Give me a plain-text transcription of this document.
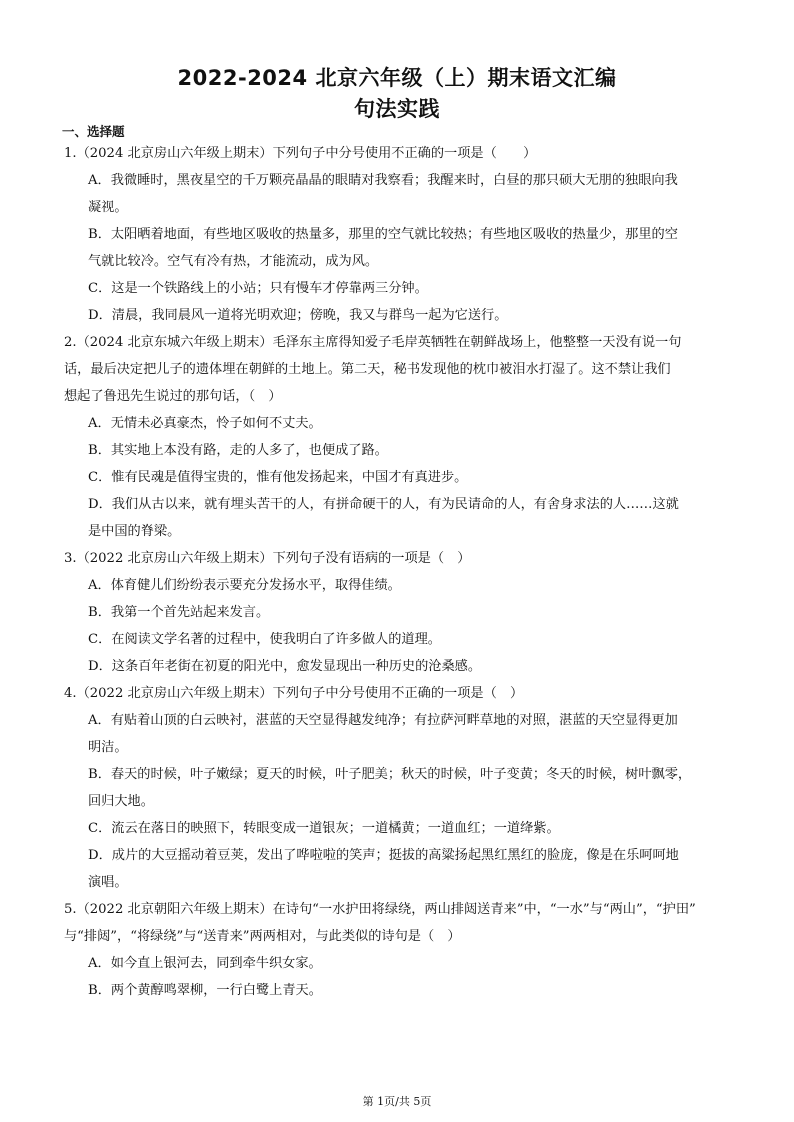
2022-2024 北京六年级（上）期末语文汇编
句法实践
一、选择题
1.（2024 北京房山六年级上期末）下列句子中分号使用不正确的一项是（　　）
A．我微睡时，黑夜星空的千万颗亮晶晶的眼睛对我察看；我醒来时，白昼的那只硕大无朋的独眼向我
凝视。
B．太阳晒着地面，有些地区吸收的热量多，那里的空气就比较热；有些地区吸收的热量少，那里的空
气就比较冷。空气有冷有热，才能流动，成为风。
C．这是一个铁路线上的小站；只有慢车才停靠两三分钟。
D．清晨，我同晨风一道将光明欢迎；傍晚，我又与群鸟一起为它送行。
2.（2024 北京东城六年级上期末）毛泽东主席得知爱子毛岸英牺牲在朝鲜战场上，他整整一天没有说一句
话，最后决定把儿子的遗体埋在朝鲜的土地上。第二天，秘书发现他的枕巾被泪水打湿了。这不禁让我们
想起了鲁迅先生说过的那句话，（　）
A．无情未必真豪杰，怜子如何不丈夫。
B．其实地上本没有路，走的人多了，也便成了路。
C．惟有民魂是值得宝贵的，惟有他发扬起来，中国才有真进步。
D．我们从古以来，就有埋头苦干的人，有拼命硬干的人，有为民请命的人，有舍身求法的人……这就
是中国的脊梁。
3.（2022 北京房山六年级上期末）下列句子没有语病的一项是（　）
A．体育健儿们纷纷表示要充分发扬水平，取得佳绩。
B．我第一个首先站起来发言。
C．在阅读文学名著的过程中，使我明白了许多做人的道理。
D．这条百年老街在初夏的阳光中，愈发显现出一种历史的沧桑感。
4.（2022 北京房山六年级上期末）下列句子中分号使用不正确的一项是（　）
A．有贴着山顶的白云映衬，湛蓝的天空显得越发纯净；有拉萨河畔草地的对照，湛蓝的天空显得更加
明洁。
B．春天的时候，叶子嫩绿；夏天的时候，叶子肥美；秋天的时候，叶子变黄；冬天的时候，树叶飘零，
回归大地。
C．流云在落日的映照下，转眼变成一道银灰；一道橘黄；一道血红；一道绛紫。
D．成片的大豆摇动着豆荚，发出了哗啦啦的笑声；挺拔的高粱扬起黑红黑红的脸庞，像是在乐呵呵地
演唱。
5.（2022 北京朝阳六年级上期末）在诗句“一水护田将绿绕，两山排闼送青来”中，“一水”与“两山”，“护田”
与“排闼”，“将绿绕”与“送青来”两两相对，与此类似的诗句是（　）
A．如今直上银河去，同到牵牛织女家。
B．两个黄醇鸣翠柳，一行白鹭上青天。
第 1页/共 5页
